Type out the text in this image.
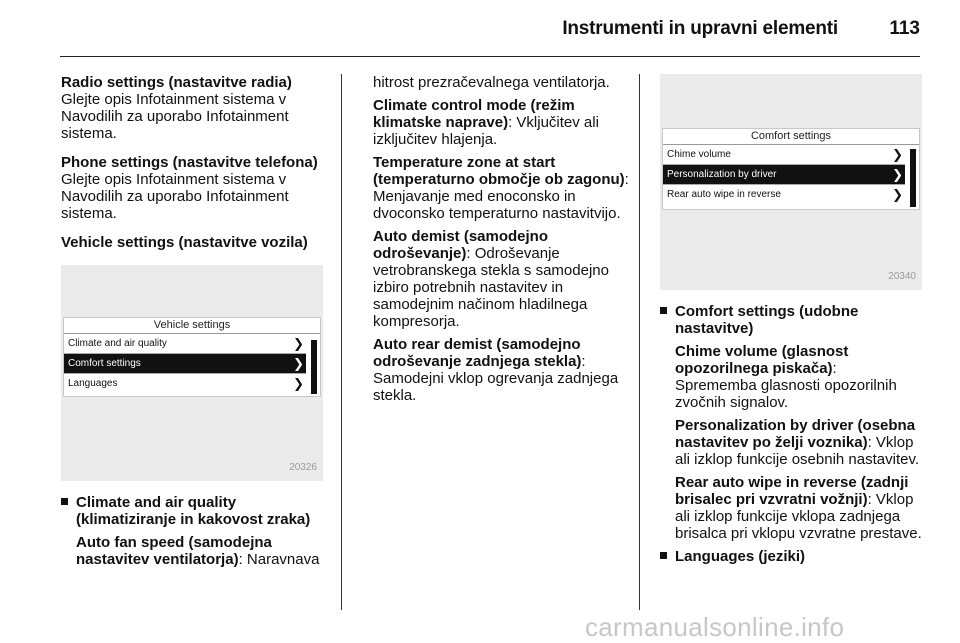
Instrumenti in upravni elementi	113

Radio settings (nastavitve radia)

Glejte opis Infotainment sistema v Navodilih za uporabo Infotainment sistema.

Phone settings (nastavitve telefona)

Glejte opis Infotainment sistema v Navodilih za uporabo Infotainment sistema.

Vehicle settings (nastavitve vozila)

Vehicle settings
Climate and air quality	❯
Comfort settings	❯
Languages	❯
20326

Climate and air quality (klimatiziranje in kakovost zraka)

Auto fan speed (samodejna nastavitev ventilatorja): Naravnava

hitrost prezračevalnega ventilatorja.

Climate control mode (režim klimatske naprave): Vključitev ali izključitev hlajenja.

Temperature zone at start (temperaturno območje ob zagonu): Menjavanje med enoconsko in dvoconsko temperaturno nastavitvijo.

Auto demist (samodejno odroševanje): Odroševanje vetrobranskega stekla s samodejno izbiro potrebnih nastavitev in samodejnim načinom hladilnega kompresorja.

Auto rear demist (samodejno odroševanje zadnjega stekla): Samodejni vklop ogrevanja zadnjega stekla.

Comfort settings
Chime volume	❯
Personalization by driver	❯
Rear auto wipe in reverse	❯
20340

Comfort settings (udobne nastavitve)

Chime volume (glasnost opozorilnega piskača): Sprememba glasnosti opozorilnih zvočnih signalov.

Personalization by driver (osebna nastavitev po želji voznika): Vklop ali izklop funkcije osebnih nastavitev.

Rear auto wipe in reverse (zadnji brisalec pri vzvratni vožnji): Vklop ali izklop funkcije vklopa zadnjega brisalca pri vklopu vzvratne prestave.

Languages (jeziki)

carmanualsonline.info
